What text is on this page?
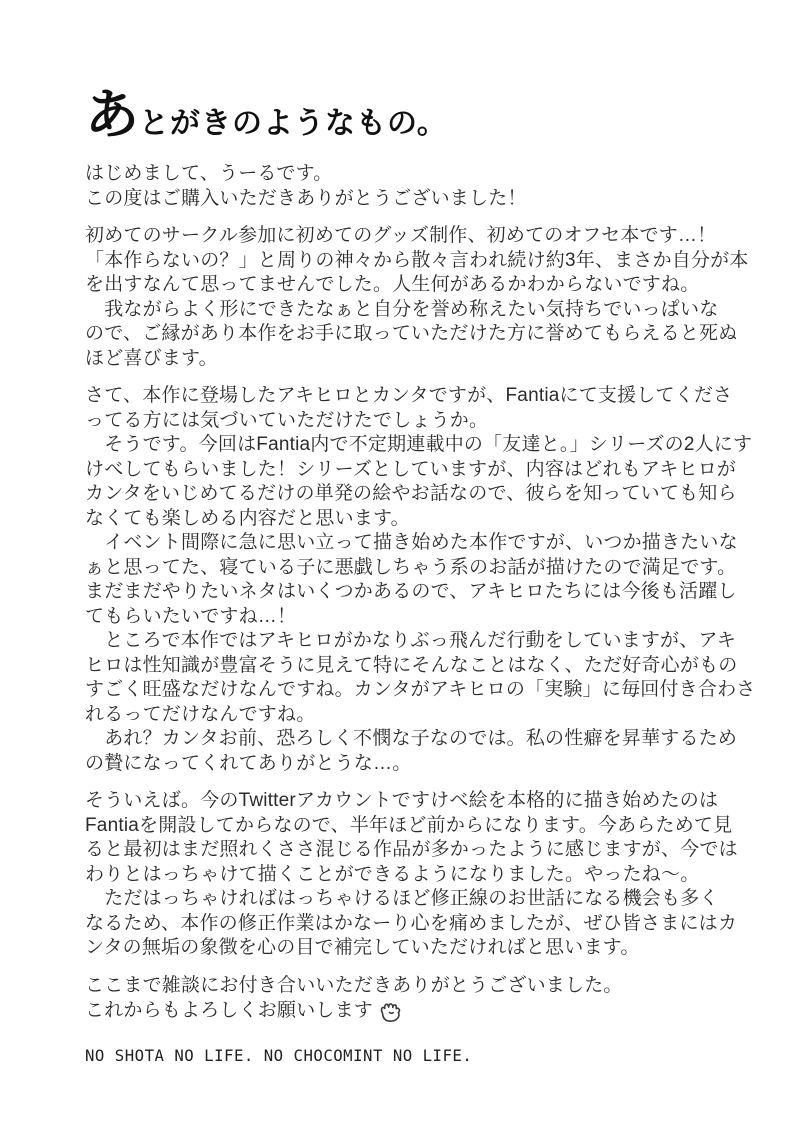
あとがきのようなもの。
はじめまして、うーるです。
この度はご購入いただきありがとうございました！
初めてのサークル参加に初めてのグッズ制作、初めてのオフセ本です…！
「本作らないの？」と周りの神々から散々言われ続け約3年、まさか自分が本
を出すなんて思ってませんでした。人生何があるかわからないですね。
　我ながらよく形にできたなぁと自分を誉め称えたい気持ちでいっぱいな
ので、ご縁があり本作をお手に取っていただけた方に誉めてもらえると死ぬ
ほど喜びます。
さて、本作に登場したアキヒロとカンタですが、Fantiaにて支援してくださ
ってる方には気づいていただけたでしょうか。
　そうです。今回はFantia内で不定期連載中の「友達と。」シリーズの2人にす
けべしてもらいました！シリーズとしていますが、内容はどれもアキヒロが
カンタをいじめてるだけの単発の絵やお話なので、彼らを知っていても知ら
なくても楽しめる内容だと思います。
　イベント間際に急に思い立って描き始めた本作ですが、いつか描きたいな
ぁと思ってた、寝ている子に悪戯しちゃう系のお話が描けたので満足です。
まだまだやりたいネタはいくつかあるので、アキヒロたちには今後も活躍し
てもらいたいですね…！
　ところで本作ではアキヒロがかなりぶっ飛んだ行動をしていますが、アキ
ヒロは性知識が豊富そうに見えて特にそんなことはなく、ただ好奇心がもの
すごく旺盛なだけなんですね。カンタがアキヒロの「実験」に毎回付き合わさ
れるってだけなんですね。
　あれ？カンタお前、恐ろしく不憫な子なのでは。私の性癖を昇華するため
の贄になってくれてありがとうな…。
そういえば。今のTwitterアカウントですけべ絵を本格的に描き始めたのは
Fantiaを開設してからなので、半年ほど前からになります。今あらためて見
ると最初はまだ照れくささ混じる作品が多かったように感じますが、今では
わりとはっちゃけて描くことができるようになりました。やったね〜。
　ただはっちゃければはっちゃけるほど修正線のお世話になる機会も多く
なるため、本作の修正作業はかなーり心を痛めましたが、ぜひ皆さまにはカ
ンタの無垢の象徴を心の目で補完していただければと思います。
ここまで雑談にお付き合いいただきありがとうございました。
これからもよろしくお願いします
NO SHOTA NO LIFE. NO CHOCOMINT NO LIFE.
